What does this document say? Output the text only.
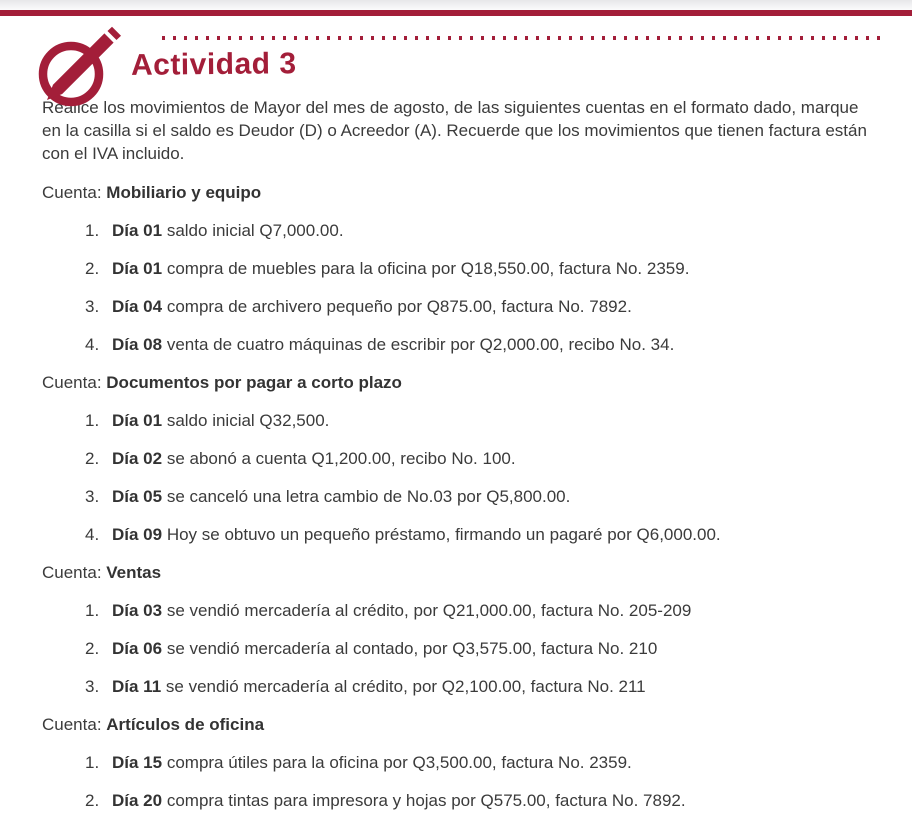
Actividad 3

Realice los movimientos de Mayor del mes de agosto, de las siguientes cuentas en el formato dado, marque en la casilla si el saldo es Deudor (D) o Acreedor (A). Recuerde que los movimientos que tienen factura están con el IVA incluido.

Cuenta: Mobiliario y equipo

1. Día 01 saldo inicial Q7,000.00.
2. Día 01 compra de muebles para la oficina por Q18,550.00, factura No. 2359.
3. Día 04 compra de archivero pequeño por Q875.00, factura No. 7892.
4. Día 08 venta de cuatro máquinas de escribir por Q2,000.00, recibo No. 34.

Cuenta: Documentos por pagar a corto plazo

1. Día 01 saldo inicial Q32,500.
2. Día 02 se abonó a cuenta Q1,200.00, recibo No. 100.
3. Día 05 se canceló una letra cambio de No.03 por Q5,800.00.
4. Día 09 Hoy se obtuvo un pequeño préstamo, firmando un pagaré por Q6,000.00.

Cuenta: Ventas

1. Día 03 se vendió mercadería al crédito, por Q21,000.00, factura No. 205-209
2. Día 06 se vendió mercadería al contado, por Q3,575.00, factura No. 210
3. Día 11 se vendió mercadería al crédito, por Q2,100.00, factura No. 211

Cuenta: Artículos de oficina

1. Día 15 compra útiles para la oficina por Q3,500.00, factura No. 2359.
2. Día 20 compra tintas para impresora y hojas por Q575.00, factura No. 7892.
